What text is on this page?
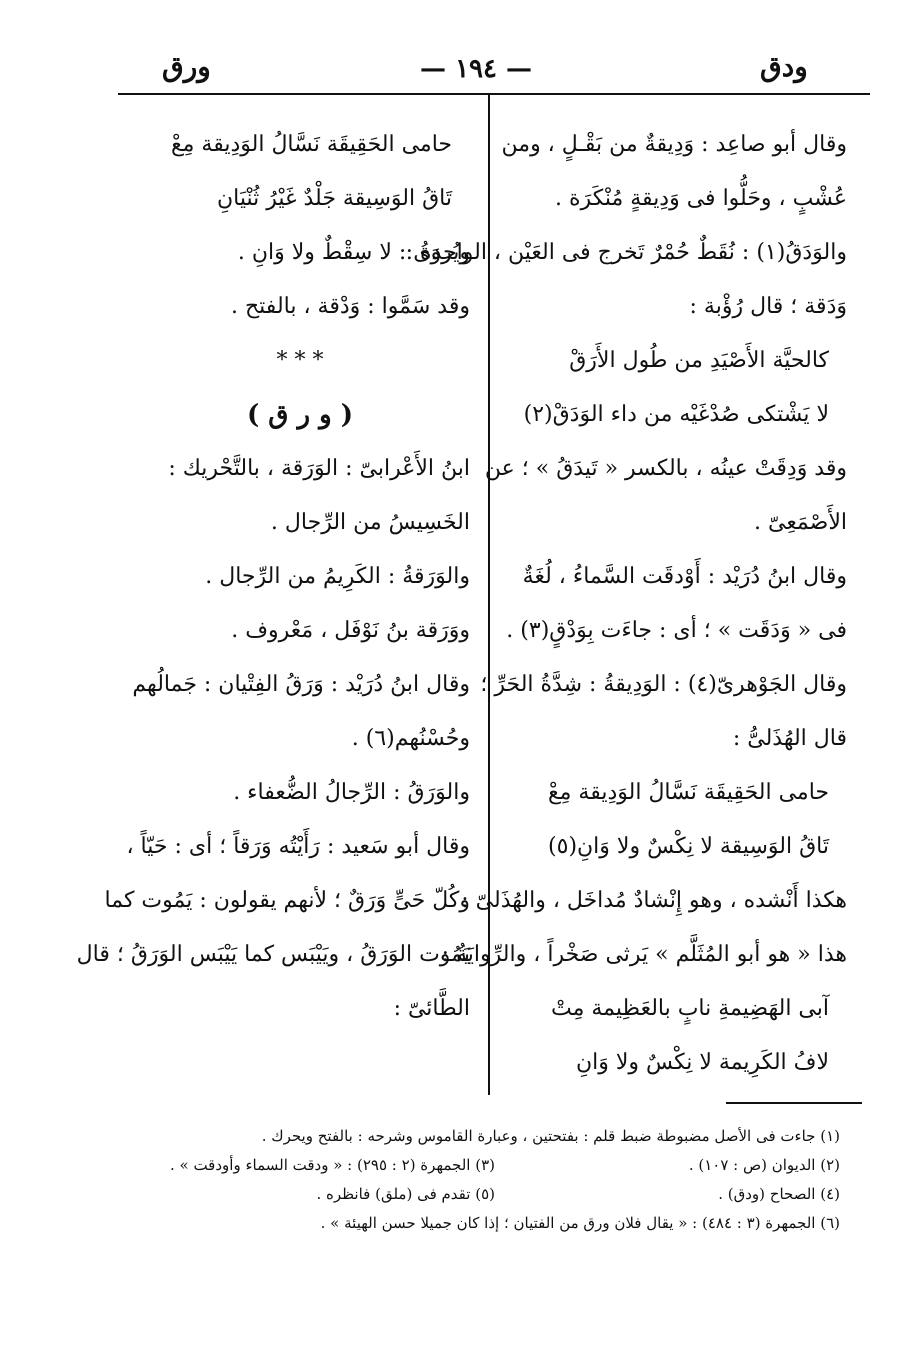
ودق
— ١٩٤ —
ورق
وقال أبو صاعِد : وَدِيقةٌ من بَقْـلٍ ، ومن
عُشْبٍ ، وحَلُّوا فى وَدِيقةٍ مُنْكَرَة .
والوَدَقُ(١) : نُقَطٌ حُمْرٌ تَخرج فى العَيْن ، الواحدةُ :
وَدَقة ؛ قال رُؤْبة :
كالحيَّة الأَصْيَدِ من طُول الأَرَقْ
لا يَشْتكى صُدْغَيْه من داء الوَدَقْ(٢)
وقد وَدِقَتْ عينُه ، بالكسر « تَيدَقُ » ؛ عن
الأَصْمَعِىّ .
وقال ابنُ دُرَيْد : أَوْدقَت السَّماءُ ، لُغَةٌ
فى « وَدَقَت » ؛ أى : جاءَت بِوَدْقٍ(٣) .
وقال الجَوْهرىّ(٤) : الوَدِيقةُ : شِدَّةُ الحَرِّ ؛
قال الهُذَلىُّ :
حامى الحَقِيقَة نَسَّالُ الوَدِيقة مِعْ
تَاقُ الوَسِيقة لا نِكْسٌ ولا وَانِ(٥)
هكذا أَنْشده ، وهو إِنْشادٌ مُداخَل ، والهُذَلىّ :
هذا « هو أبو المُثَلَّم » يَرثى صَخْراً ، والرِّوايَةُ :
آبى الهَضِيمةِ نابٍ بالعَظِيمة مِتْ
لافُ الكَرِيمة لا نِكْسٌ ولا وَانِ
حامى الحَقِيقَة نَسَّالُ الوَدِيقة مِعْ
تَاقُ الوَسِيقة جَلْدٌ غَيْرُ ثُنْيَانِ
ويُروَى : لا سِقْطٌ ولا وَانِ .
وقد سَمَّوا : وَدْقة ، بالفتح .
* * *
( و ر ق )
ابنُ الأَعْرابىّ : الوَرَقة ، بالتَّحْريك :
الخَسِيسُ من الرِّجال .
والوَرَقةُ : الكَرِيمُ من الرِّجال .
ووَرَقة بنُ نَوْفَل ، مَعْروف .
وقال ابنُ دُرَيْد : وَرَقُ الفِتْيان : جَمالُهم
وحُسْنُهم(٦) .
والوَرَقُ : الرِّجالُ الضُّعفاء .
وقال أبو سَعيد : رَأَيْتُه وَرَقاً ؛ أى : حَيّاً ،
وكُلّ حَىٍّ وَرَقٌ ؛ لأنهم يقولون : يَمُوت كما
يَمُوت الوَرَقُ ، ويَيْبَس كما يَيْبَس الوَرَقُ ؛ قال
الطَّائىّ :
(١) جاءت فى الأصل مضبوطة ضبط قلم : بفتحتين ، وعبارة القاموس وشرحه : بالفتح ويحرك .
(٢) الديوان (ص : ١٠٧) .
(٣) الجمهرة (٢ : ٢٩٥) : « ودقت السماء وأودقت » .
(٤) الصحاح (ودق) .
(٥) تقدم فى (ملق) فانظره .
(٦) الجمهرة (٣ : ٤٨٤) : « يقال فلان ورق من الفتيان ؛ إذا كان جميلا حسن الهيئة » .
